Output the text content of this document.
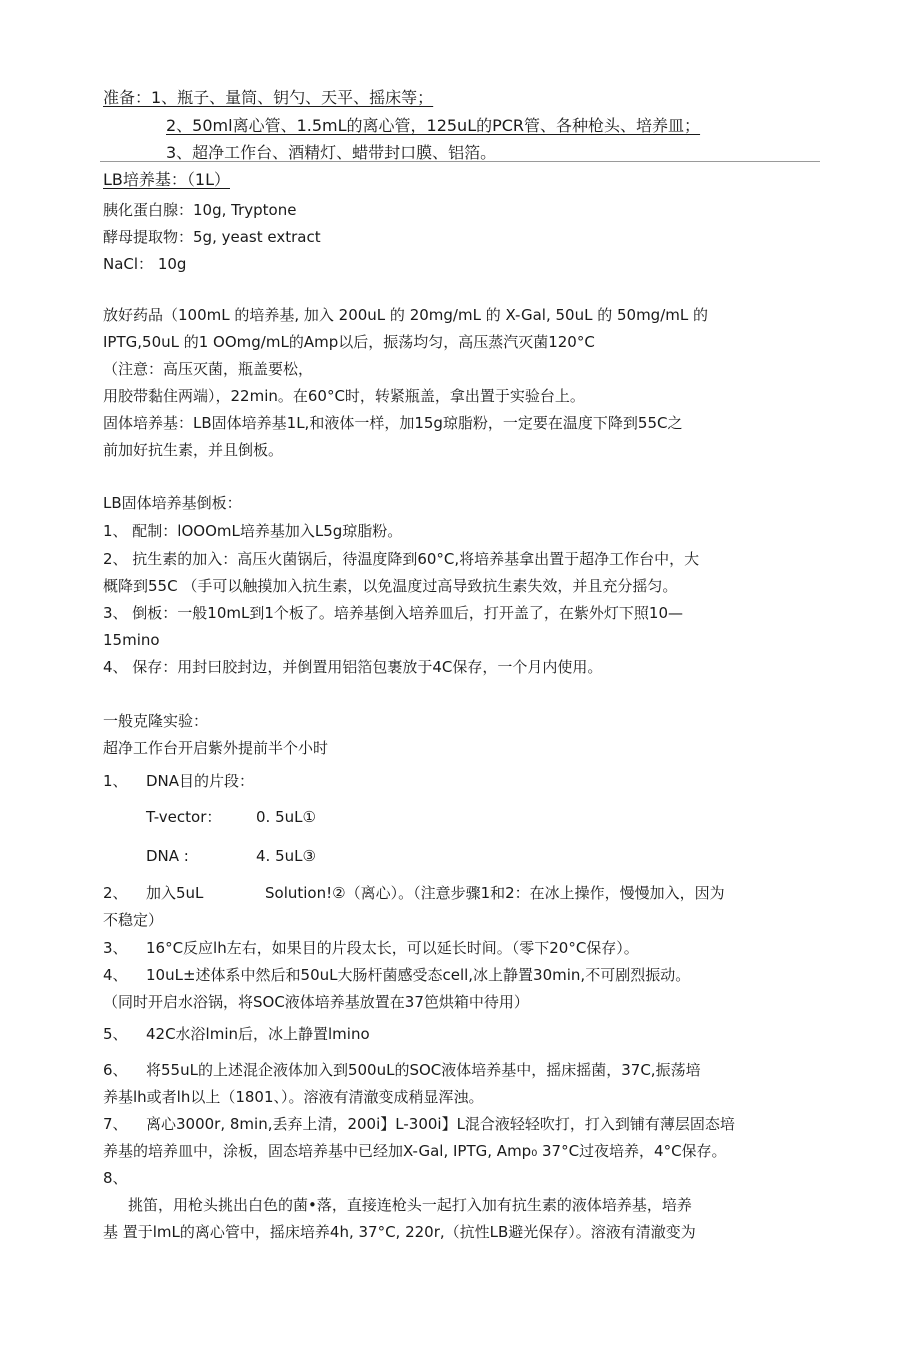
准备：1、瓶子、量筒、钥勺、天平、摇床等；
2、50ml离心管、1.5mL的离心管，125uL的PCR管、各种枪头、培养皿；
3、超净工作台、酒精灯、蜡带封口膜、铝箔。
LB培养基：（1L）
胰化蛋白腺：10g, Tryptone
酵母提取物：5g, yeast extract
NaCl： 10g
放好药品（100mL 的培养基, 加入 200uL 的 20mg/mL 的 X-Gal, 50uL 的 50mg/mL 的
IPTG,50uL 的1 OOmg/mL的Amp以后，振荡均匀，高压蒸汽灭菌120°C
（注意：高压灭菌，瓶盖要松，
用胶带黏住两端），22min。在60°C时，转紧瓶盖，拿出置于实验台上。
固体培养基：LB固体培养基1L,和液体一样，加15g琼脂粉，一定要在温度下降到55C之
前加好抗生素，并且倒板。
LB固体培养基倒板：
1、 配制：lOOOmL培养基加入L5g琼脂粉。
2、 抗生素的加入：高压火菌锅后，待温度降到60°C,将培养基拿出置于超净工作台中，大
概降到55C （手可以触摸加入抗生素，以免温度过高导致抗生素失效，并且充分摇匀。
3、 倒板：一般10mL到1个板了。培养基倒入培养皿后，打开盖了，在紫外灯下照10—
15mino
4、 保存：用封曰胶封边，并倒置用铝箔包裹放于4C保存，一个月内使用。
一般克隆实验：
超净工作台开启紫外提前半个小时
1、 DNA目的片段：
T-vector： 0. 5uL①
DNA :	4. 5uL③
2、 加入5uL	Solution!②（离心）。（注意步骤1和2：在冰上操作，慢慢加入，因为
不稳定）
3、 16°C反应lh左右，如果目的片段太长，可以延长时间。（零下20°C保存）。
4、 10uL±述体系中然后和50uL大肠杆菌感受态cell,冰上静置30min,不可剧烈振动。
（同时开启水浴锅，将SOC液体培养基放置在37笆烘箱中待用）
5、 42C水浴lmin后，冰上静置lmino
6、 将55uL的上述混企液体加入到500uL的SOC液体培养基中，摇床摇菌，37C,振荡培
养基lh或者lh以上（1801、）。溶液有清澈变成稍显浑浊。
7、 离心3000r, 8min,丢弃上清，200i】L-300i】L混合液轻轻吹打，打入到铺有薄层固态培
养基的培养皿中，涂板，固态培养基中已经加X-Gal, IPTG, Amp₀ 37°C过夜培养，4°C保存。
8、
挑笛，用枪头挑出白色的菌•落，直接连枪头一起打入加有抗生素的液体培养基，培养
基 置于lmL的离心管中，摇床培养4h, 37°C, 220r,（抗性LB避光保存）。溶液有清澈变为
